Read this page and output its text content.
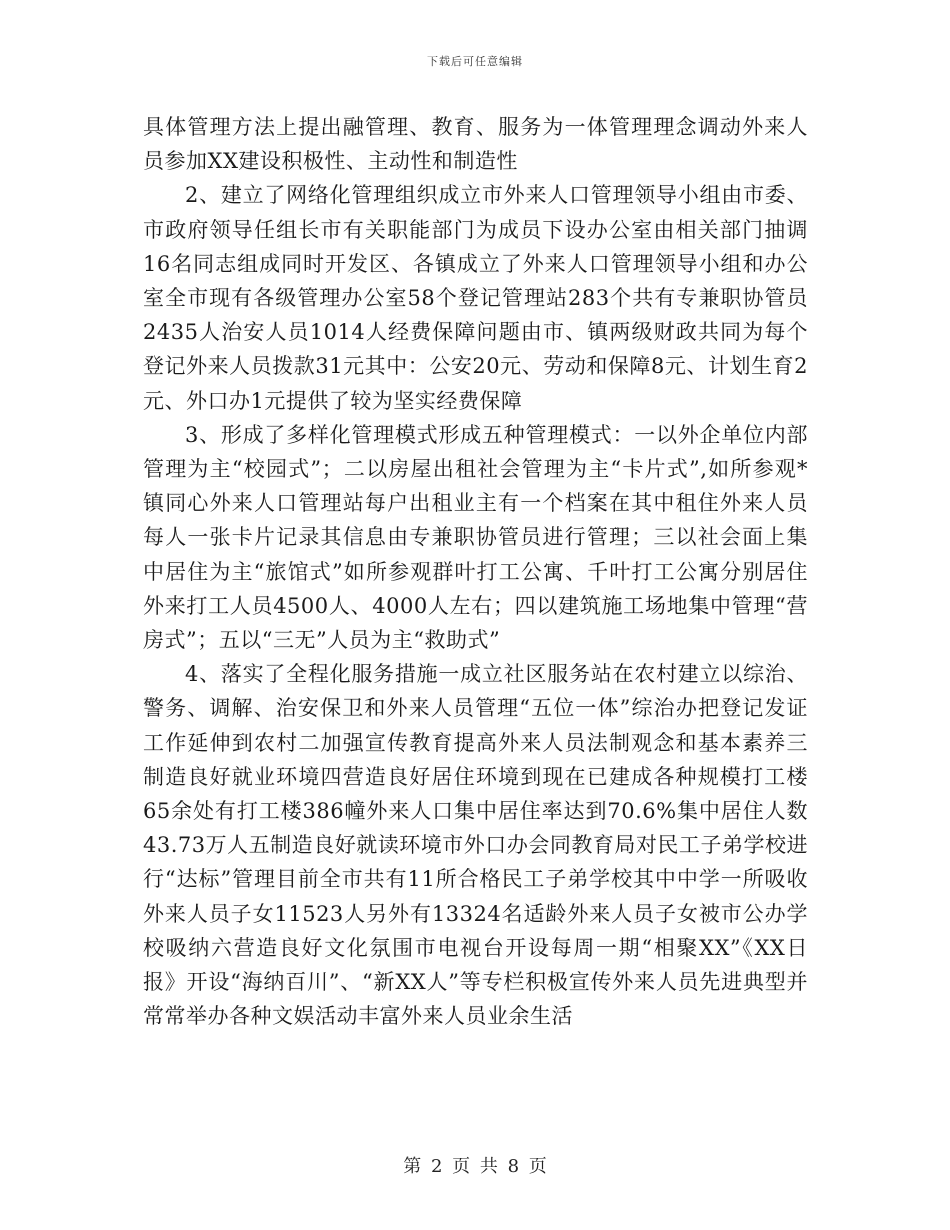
下载后可任意编辑

具体管理方法上提出融管理、教育、服务为一体管理理念调动外来人员参加XX建设积极性、主动性和制造性

2、建立了网络化管理组织成立市外来人口管理领导小组由市委、市政府领导任组长市有关职能部门为成员下设办公室由相关部门抽调16名同志组成同时开发区、各镇成立了外来人口管理领导小组和办公室全市现有各级管理办公室58个登记管理站283个共有专兼职协管员2435人治安人员1014人经费保障问题由市、镇两级财政共同为每个登记外来人员拨款31元其中：公安20元、劳动和保障8元、计划生育2元、外口办1元提供了较为坚实经费保障

3、形成了多样化管理模式形成五种管理模式：一以外企单位内部管理为主“校园式”；二以房屋出租社会管理为主“卡片式”,如所参观*镇同心外来人口管理站每户出租业主有一个档案在其中租住外来人员每人一张卡片记录其信息由专兼职协管员进行管理；三以社会面上集中居住为主“旅馆式”如所参观群叶打工公寓、千叶打工公寓分别居住外来打工人员4500人、4000人左右；四以建筑施工场地集中管理“营房式”；五以“三无”人员为主“救助式”

4、落实了全程化服务措施一成立社区服务站在农村建立以综治、警务、调解、治安保卫和外来人员管理“五位一体”综治办把登记发证工作延伸到农村二加强宣传教育提高外来人员法制观念和基本素养三制造良好就业环境四营造良好居住环境到现在已建成各种规模打工楼65余处有打工楼386幢外来人口集中居住率达到70.6%集中居住人数43.73万人五制造良好就读环境市外口办会同教育局对民工子弟学校进行“达标”管理目前全市共有11所合格民工子弟学校其中中学一所吸收外来人员子女11523人另外有13324名适龄外来人员子女被市公办学校吸纳六营造良好文化氛围市电视台开设每周一期“相聚XX”《XX日报》开设“海纳百川”、“新XX人”等专栏积极宣传外来人员先进典型并常常举办各种文娱活动丰富外来人员业余生活

第 2 页 共 8 页
